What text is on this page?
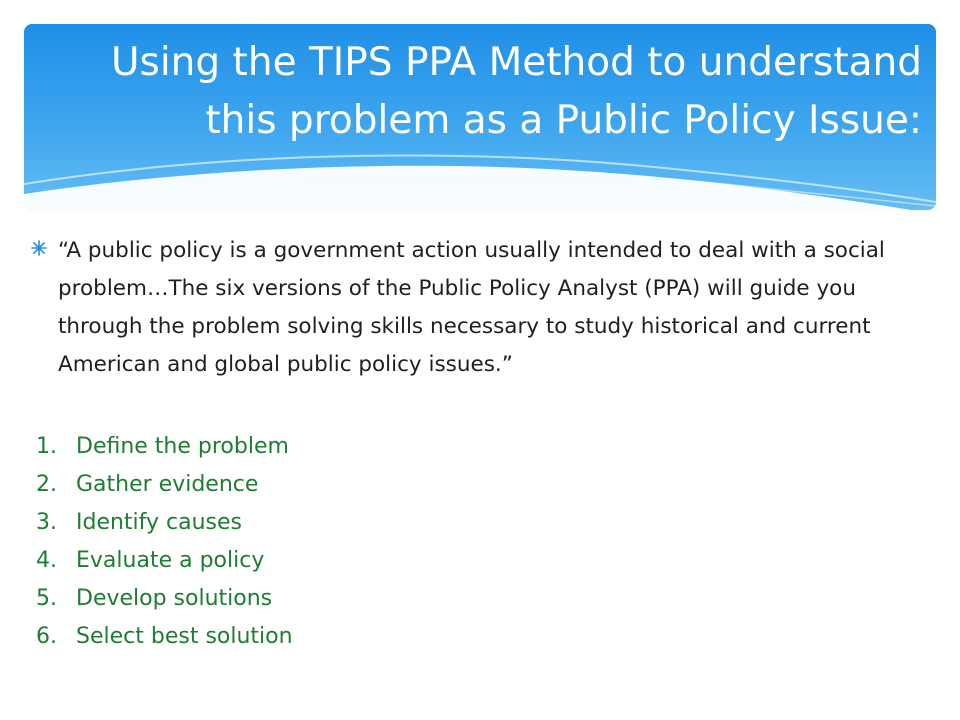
Using the TIPS PPA Method to understand this problem as a Public Policy Issue:
“A public policy is a government action usually intended to deal with a social problem…The six versions of the Public Policy Analyst (PPA) will guide you through the problem solving skills necessary to study historical and current American and global public policy issues.”
1. Define the problem
2. Gather evidence
3. Identify causes
4. Evaluate a policy
5. Develop solutions
6. Select best solution
